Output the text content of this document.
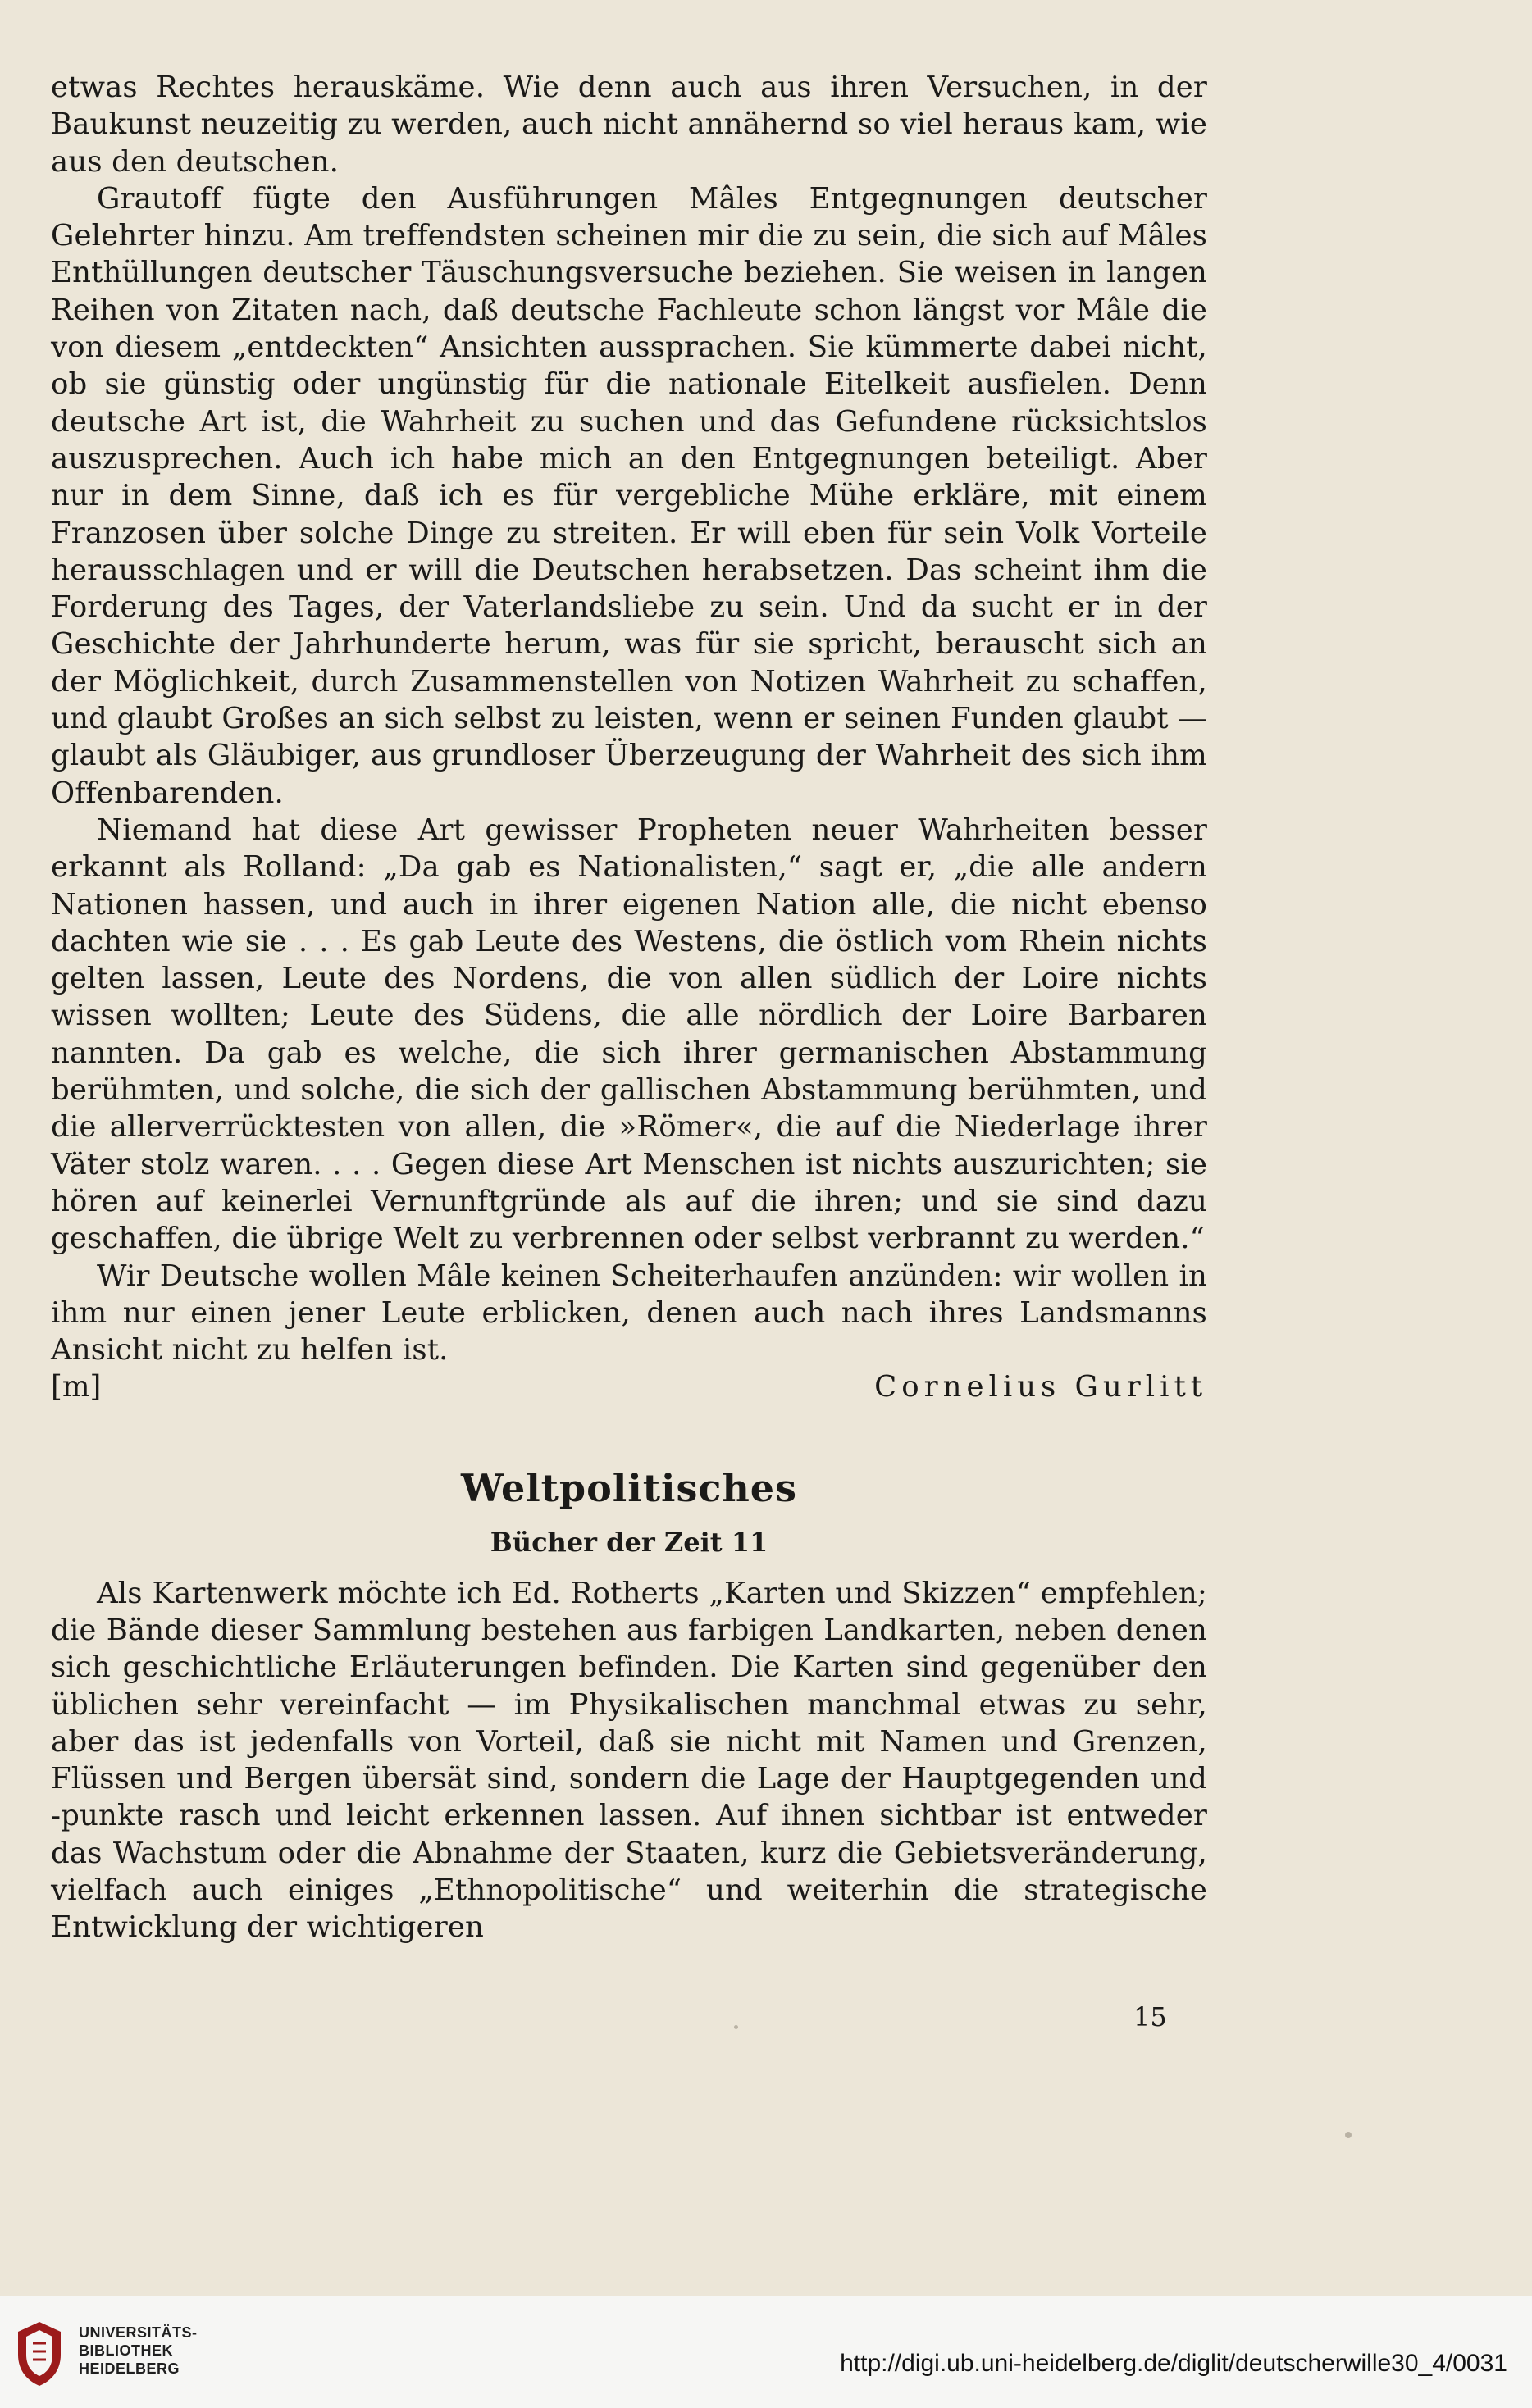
etwas Rechtes herauskäme. Wie denn auch aus ihren Versuchen, in der Baukunst neuzeitig zu werden, auch nicht annähernd so viel heraus kam, wie aus den deutschen.

Grautoff fügte den Ausführungen Mâles Entgegnungen deutscher Gelehrter hinzu. Am treffendsten scheinen mir die zu sein, die sich auf Mâles Enthüllungen deutscher Täuschungsversuche beziehen. Sie weisen in langen Reihen von Zitaten nach, daß deutsche Fachleute schon längst vor Mâle die von diesem „entdeckten“ Ansichten aussprachen. Sie kümmerte dabei nicht, ob sie günstig oder ungünstig für die nationale Eitelkeit ausfielen. Denn deutsche Art ist, die Wahrheit zu suchen und das Gefundene rücksichtslos auszusprechen. Auch ich habe mich an den Entgegnungen beteiligt. Aber nur in dem Sinne, daß ich es für vergebliche Mühe erkläre, mit einem Franzosen über solche Dinge zu streiten. Er will eben für sein Volk Vorteile herausschlagen und er will die Deutschen herabsetzen. Das scheint ihm die Forderung des Tages, der Vaterlandsliebe zu sein. Und da sucht er in der Geschichte der Jahrhunderte herum, was für sie spricht, berauscht sich an der Möglichkeit, durch Zusammenstellen von Notizen Wahrheit zu schaffen, und glaubt Großes an sich selbst zu leisten, wenn er seinen Funden glaubt — glaubt als Gläubiger, aus grundloser Überzeugung der Wahrheit des sich ihm Offenbarenden.

Niemand hat diese Art gewisser Propheten neuer Wahrheiten besser erkannt als Rolland: „Da gab es Nationalisten,“ sagt er, „die alle andern Nationen hassen, und auch in ihrer eigenen Nation alle, die nicht ebenso dachten wie sie . . . Es gab Leute des Westens, die östlich vom Rhein nichts gelten lassen, Leute des Nordens, die von allen südlich der Loire nichts wissen wollten; Leute des Südens, die alle nördlich der Loire Barbaren nannten. Da gab es welche, die sich ihrer germanischen Abstammung berühmten, und solche, die sich der gallischen Abstammung berühmten, und die allerverrücktesten von allen, die »Römer«, die auf die Niederlage ihrer Väter stolz waren. . . . Gegen diese Art Menschen ist nichts auszurichten; sie hören auf keinerlei Vernunftgründe als auf die ihren; und sie sind dazu geschaffen, die übrige Welt zu verbrennen oder selbst verbrannt zu werden.“

Wir Deutsche wollen Mâle keinen Scheiterhaufen anzünden: wir wollen in ihm nur einen jener Leute erblicken, denen auch nach ihres Landsmanns Ansicht nicht zu helfen ist.

[m]	Cornelius Gurlitt
Weltpolitisches
Bücher der Zeit 11

Als Kartenwerk möchte ich Ed. Rotherts „Karten und Skizzen“ empfehlen; die Bände dieser Sammlung bestehen aus farbigen Landkarten, neben denen sich geschichtliche Erläuterungen befinden. Die Karten sind gegenüber den üblichen sehr vereinfacht — im Physikalischen manchmal etwas zu sehr, aber das ist jedenfalls von Vorteil, daß sie nicht mit Namen und Grenzen, Flüssen und Bergen übersät sind, sondern die Lage der Hauptgegenden und -punkte rasch und leicht erkennen lassen. Auf ihnen sichtbar ist entweder das Wachstum oder die Abnahme der Staaten, kurz die Gebietsveränderung, vielfach auch einiges „Ethnopolitische“ und weiterhin die strategische Entwicklung der wichtigeren

15
UNIVERSITÄTS-
BIBLIOTHEK
HEIDELBERG	http://digi.ub.uni-heidelberg.de/diglit/deutscherwille30_4/0031
